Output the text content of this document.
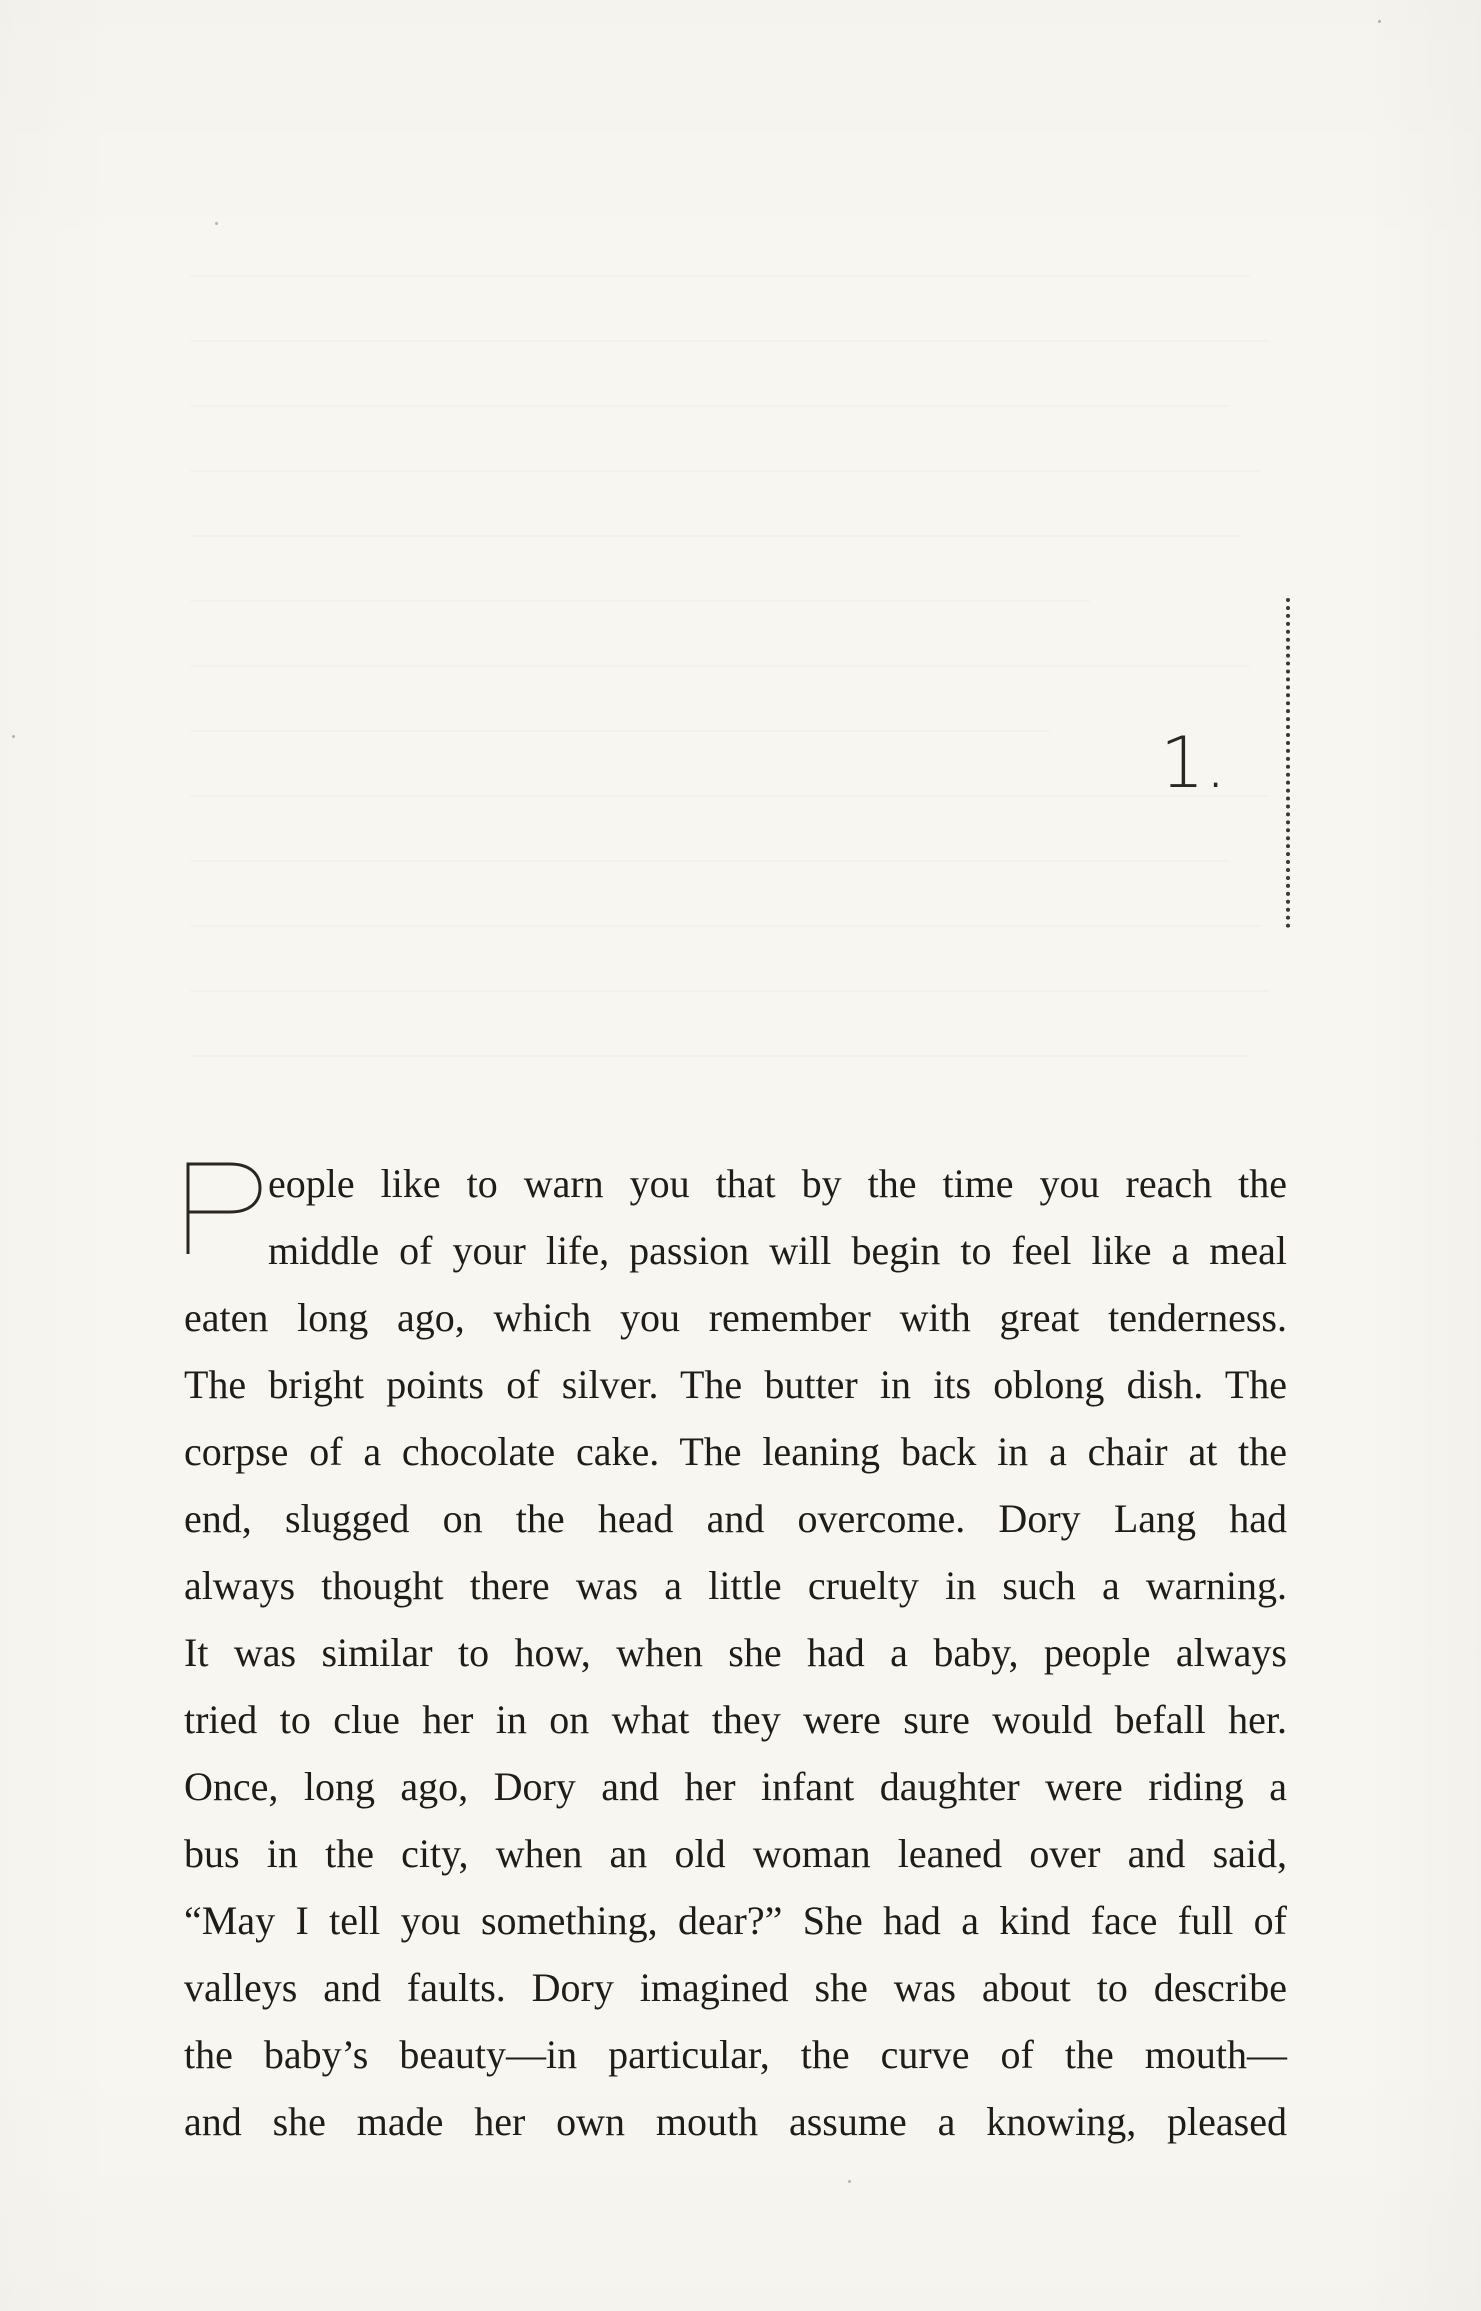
1.
eople like to warn you that by the time you reach the
middle of your life, passion will begin to feel like a meal
eaten long ago, which you remember with great tenderness.
The bright points of silver. The butter in its oblong dish. The
corpse of a chocolate cake. The leaning back in a chair at the
end, slugged on the head and overcome. Dory Lang had
always thought there was a little cruelty in such a warning.
It was similar to how, when she had a baby, people always
tried to clue her in on what they were sure would befall her.
Once, long ago, Dory and her infant daughter were riding a
bus in the city, when an old woman leaned over and said,
“May I tell you something, dear?” She had a kind face full of
valleys and faults. Dory imagined she was about to describe
the baby’s beauty—in particular, the curve of the mouth—
and she made her own mouth assume a knowing, pleased
